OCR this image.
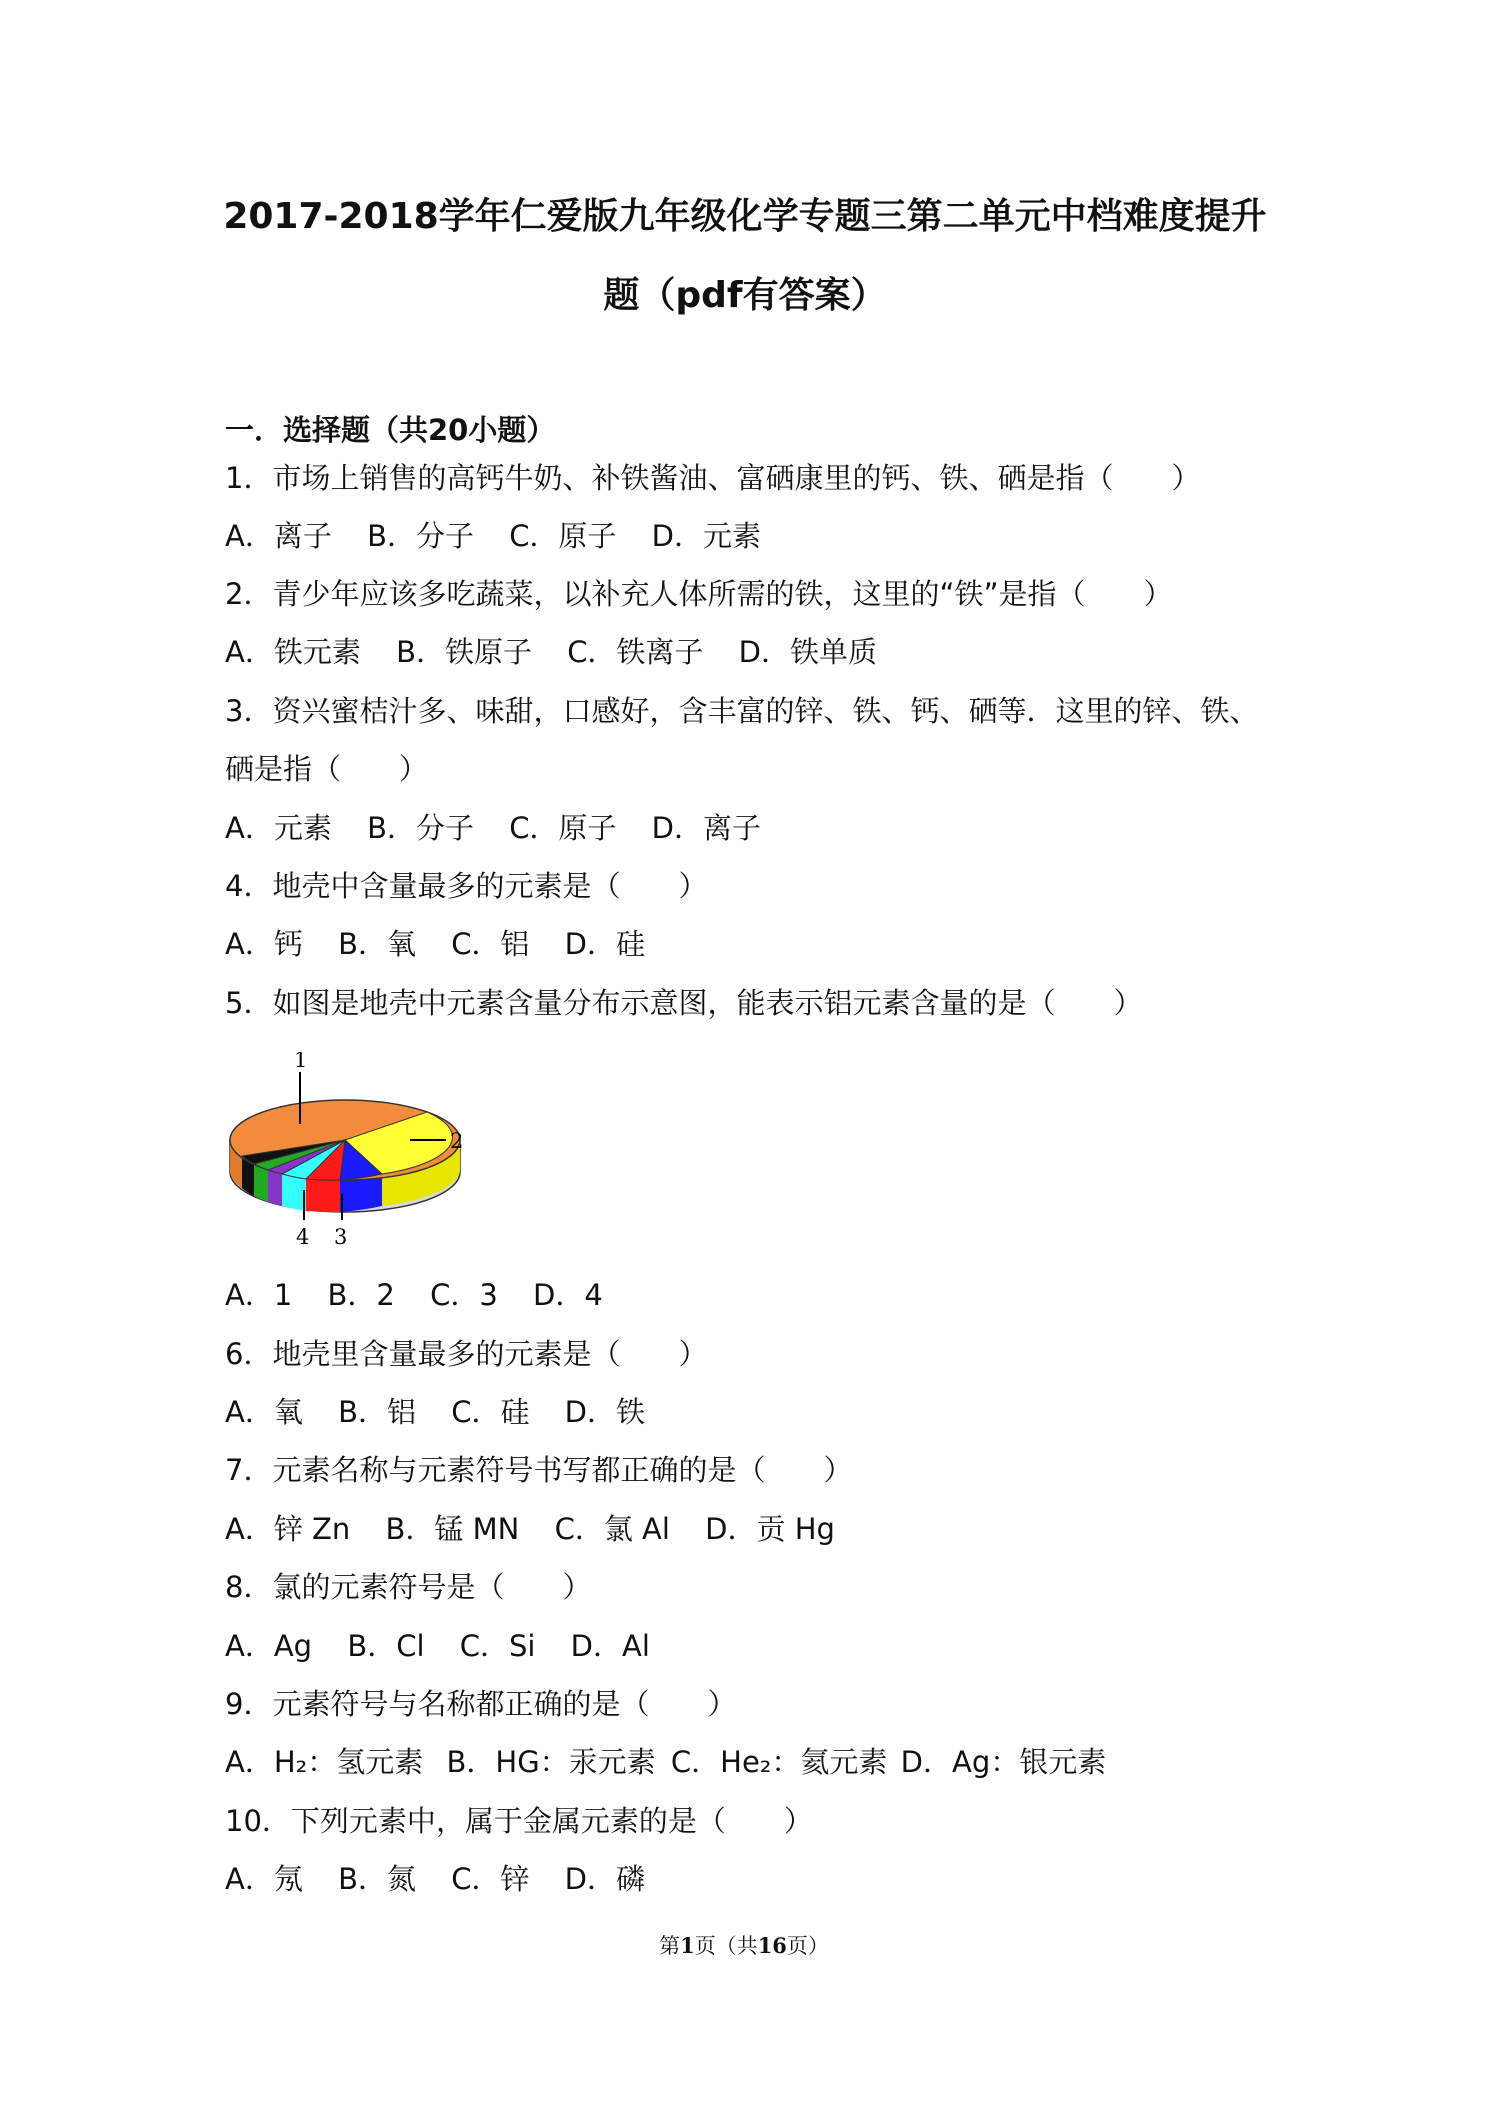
2017-2018学年仁爱版九年级化学专题三第二单元中档难度提升
题（pdf有答案）
一．选择题（共20小题）
1．市场上销售的高钙牛奶、补铁酱油、富硒康里的钙、铁、硒是指（　　）
A．离子 B．分子 C．原子 D．元素
2．青少年应该多吃蔬菜，以补充人体所需的铁，这里的“铁”是指（　　）
A．铁元素 B．铁原子 C．铁离子 D．铁单质
3．资兴蜜桔汁多、味甜，口感好，含丰富的锌、铁、钙、硒等．这里的锌、铁、
硒是指（　　）
A．元素 B．分子 C．原子 D．离子
4．地壳中含量最多的元素是（　　）
A．钙 B．氧 C．铝 D．硅
5．如图是地壳中元素含量分布示意图，能表示铝元素含量的是（　　）
1
2
4 3
A．1 B．2 C．3 D．4
6．地壳里含量最多的元素是（　　）
A．氧 B．铝 C．硅 D．铁
7．元素名称与元素符号书写都正确的是（　　）
A．锌 Zn B．锰 MN C．氯 Al D．贡 Hg
8．氯的元素符号是（　　）
A．Ag B．Cl C．Si D．Al
9．元素符号与名称都正确的是（　　）
A．H₂：氢元素 B．HG：汞元素 C．He₂：氦元素 D．Ag：银元素
10．下列元素中，属于金属元素的是（　　）
A．氖 B．氮 C．锌 D．磷
第1页（共16页）
